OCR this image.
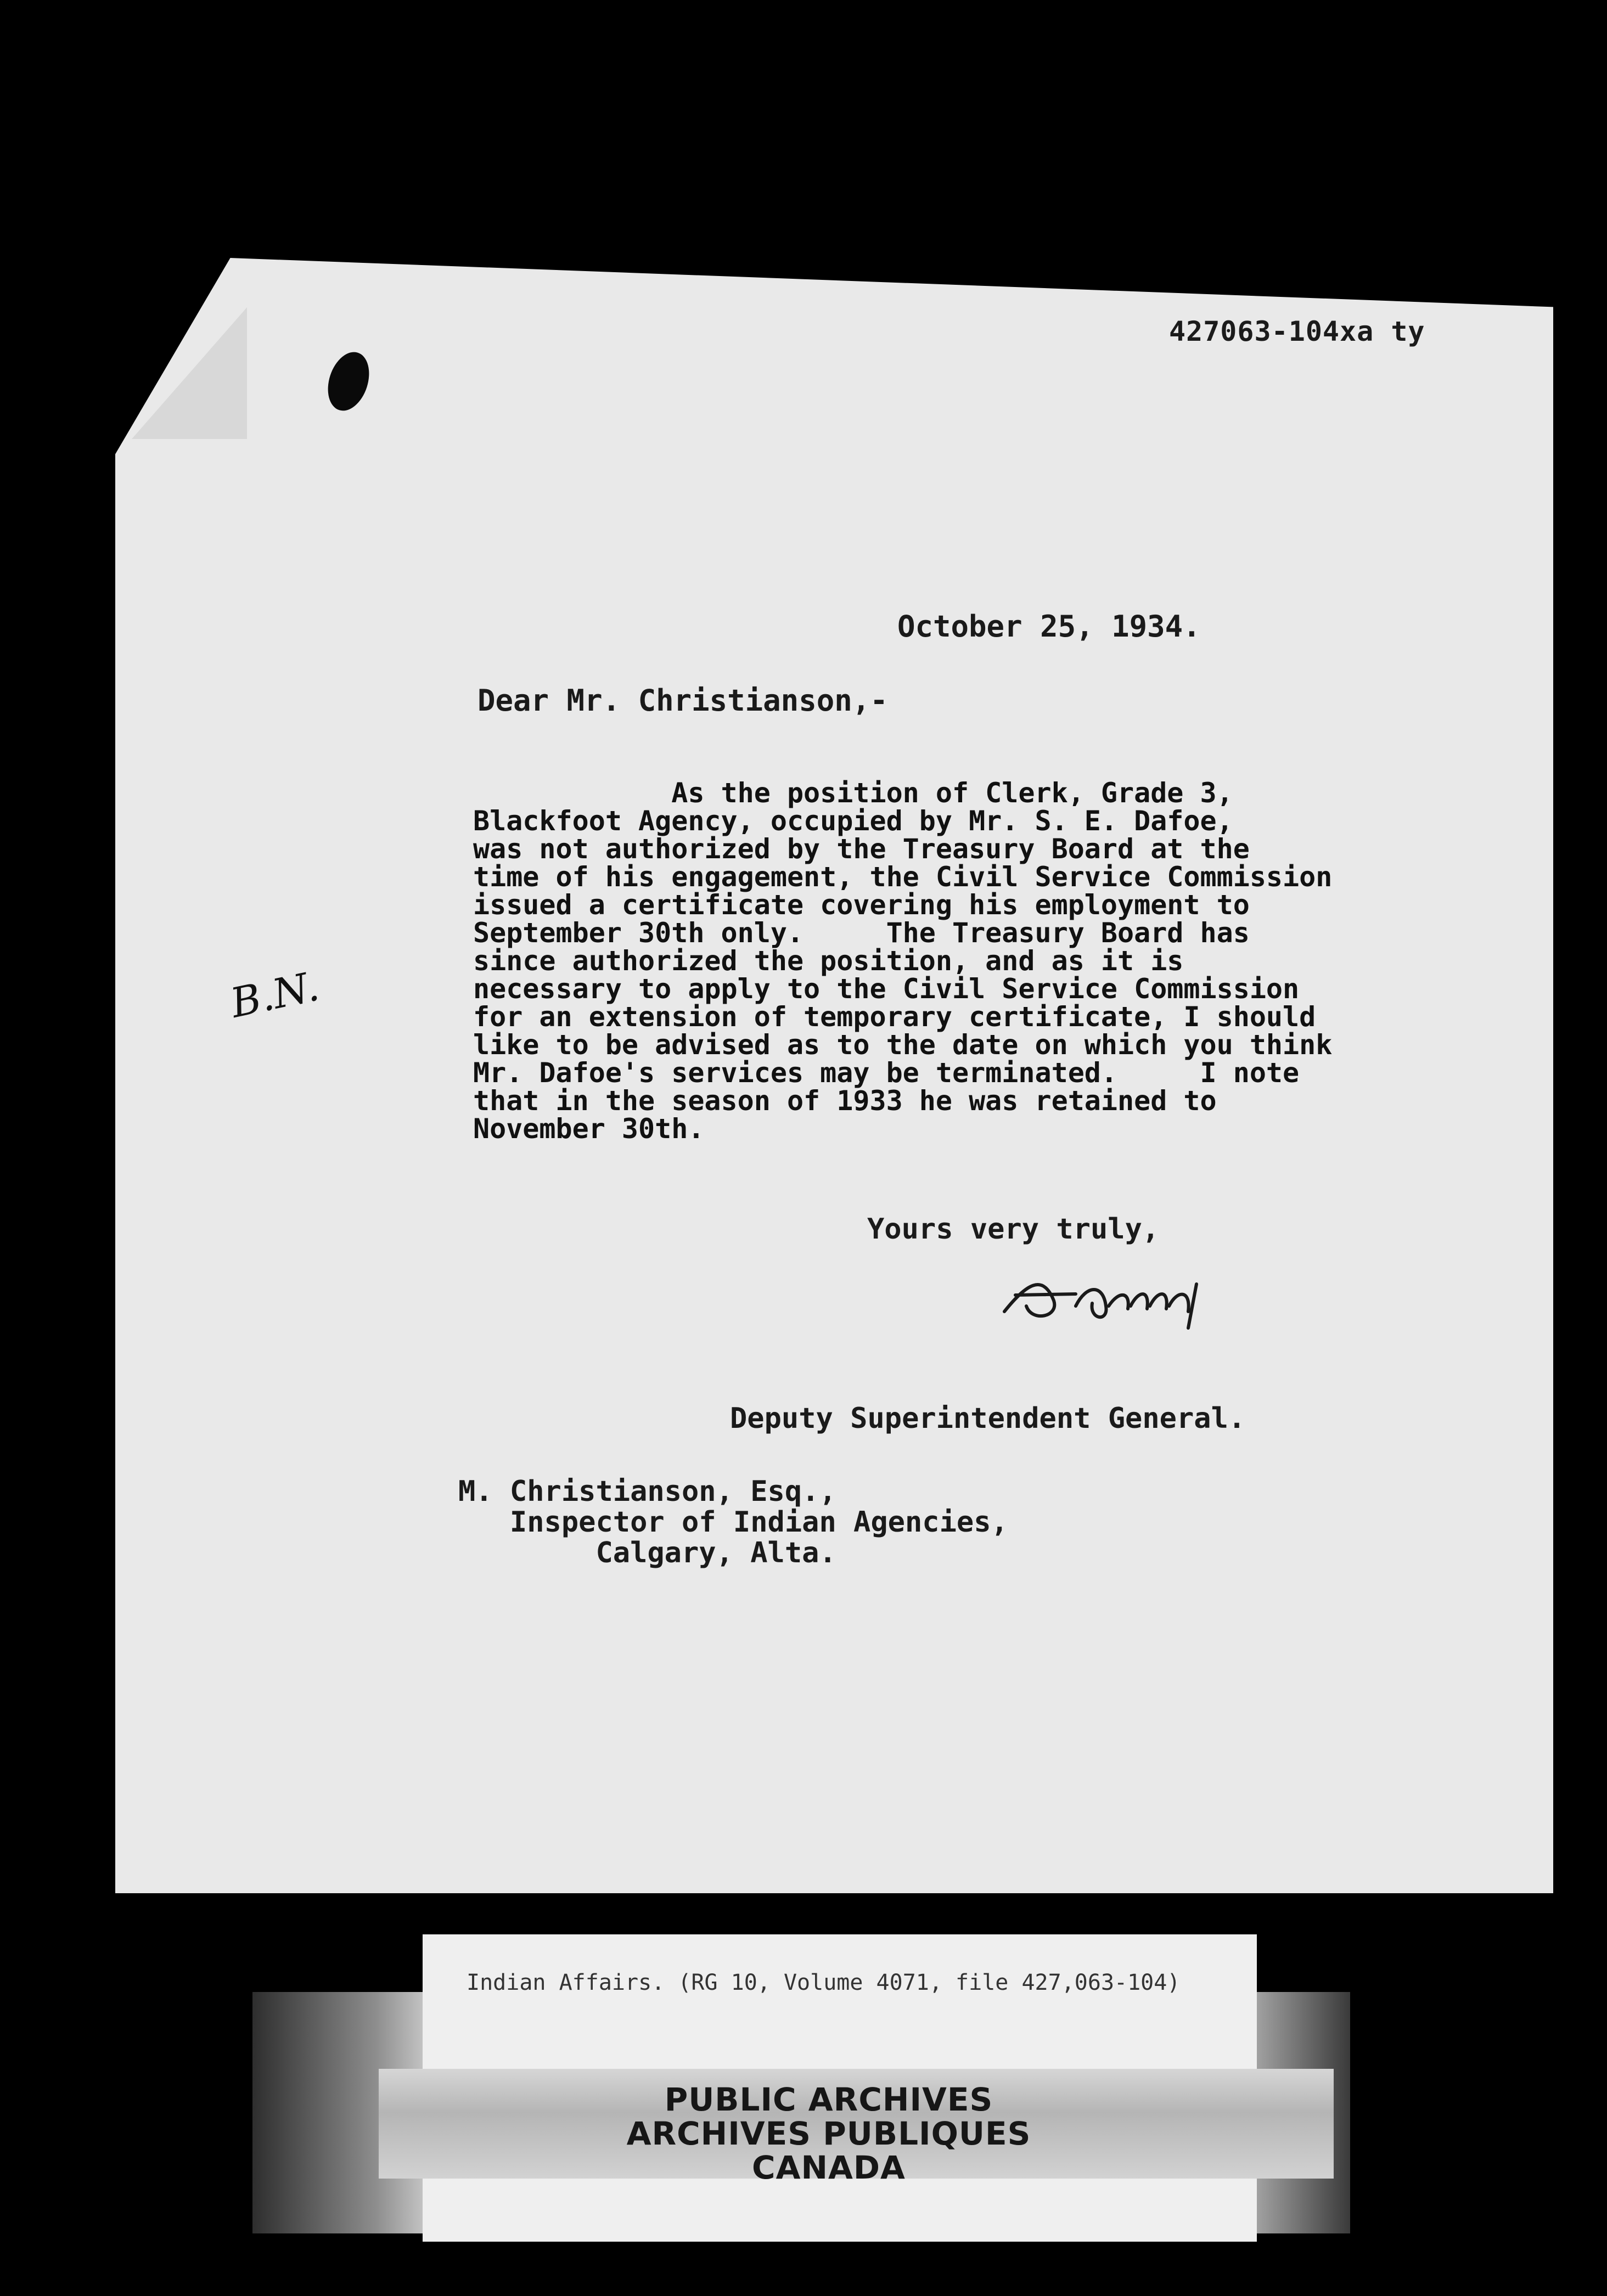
427063-104xa ty
October 25, 1934.
Dear Mr. Christianson,-
As the position of Clerk, Grade 3,
Blackfoot Agency, occupied by Mr. S. E. Dafoe,
was not authorized by the Treasury Board at the
time of his engagement, the Civil Service Commission
issued a certificate covering his employment to
September 30th only.     The Treasury Board has
since authorized the position, and as it is
necessary to apply to the Civil Service Commission
for an extension of temporary certificate, I should
like to be advised as to the date on which you think
Mr. Dafoe's services may be terminated.     I note
that in the season of 1933 he was retained to
November 30th.
B.N.
Yours very truly,
Deputy Superintendent General.
M. Christianson, Esq.,
Inspector of Indian Agencies,
Calgary, Alta.
Indian Affairs. (RG 10, Volume 4071, file 427,063-104)
PUBLIC ARCHIVES
ARCHIVES PUBLIQUES
CANADA
